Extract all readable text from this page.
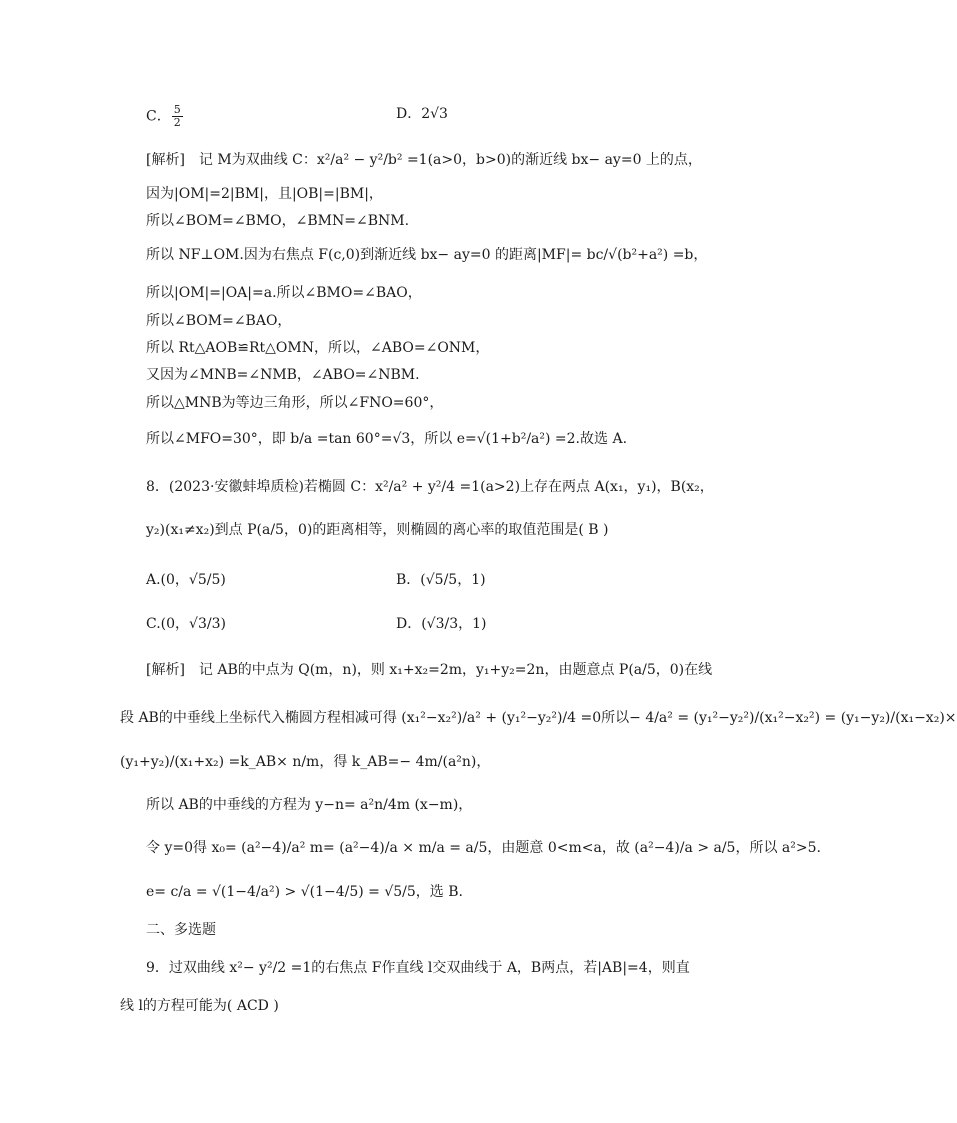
C． $\frac{5}{2}$	D．2√3
[解析]　记 M为双曲线 C：x²/a² − y²/b² =1(a>0，b>0)的渐近线 bx− ay=0 上的点，
因为|OM|=2|BM|，且|OB|=|BM|，
所以∠BOM=∠BMO，∠BMN=∠BNM.
所以 NF⊥OM.因为右焦点 F(c,0)到渐近线 bx− ay=0 的距离|MF|= bc/√(b²+a²) =b，
所以|OM|=|OA|=a.所以∠BMO=∠BAO，
所以∠BOM=∠BAO，
所以 Rt△AOB≌Rt△OMN，所以，∠ABO=∠ONM，
又因为∠MNB=∠NMB，∠ABO=∠NBM.
所以△MNB为等边三角形，所以∠FNO=60°，
所以∠MFO=30°，即 b/a =tan 60°=√3，所以 e=√(1+b²/a²) =2.故选 A.
8．(2023·安徽蚌埠质检)若椭圆 C：x²/a² + y²/4 =1(a>2)上存在两点 A(x₁，y₁)，B(x₂，
y₂)(x₁≠x₂)到点 P(a/5，0)的距离相等，则椭圆的离心率的取值范围是( B )
A.(0，√5/5)	B．(√5/5，1)
C.(0，√3/3)	D．(√3/3，1)
[解析]　记 AB的中点为 Q(m，n)，则 x₁+x₂=2m，y₁+y₂=2n，由题意点 P(a/5，0)在线
段 AB的中垂线上坐标代入椭圆方程相减可得 (x₁²−x₂²)/a² + (y₁²−y₂²)/4 =0所以− 4/a² = (y₁²−y₂²)/(x₁²−x₂²) = (y₁−y₂)/(x₁−x₂)×
(y₁+y₂)/(x₁+x₂) =k_AB× n/m，得 k_AB=− 4m/(a²n)，
所以 AB的中垂线的方程为 y−n= a²n/4m (x−m)，
令 y=0得 x₀= (a²−4)/a² m= (a²−4)/a × m/a = a/5，由题意 0<m<a，故 (a²−4)/a > a/5，所以 a²>5.
e= c/a = √(1−4/a²) > √(1−4/5) = √5/5，选 B.
二、多选题
9．过双曲线 x²− y²/2 =1的右焦点 F作直线 l交双曲线于 A，B两点，若|AB|=4，则直
线 l的方程可能为( ACD )
